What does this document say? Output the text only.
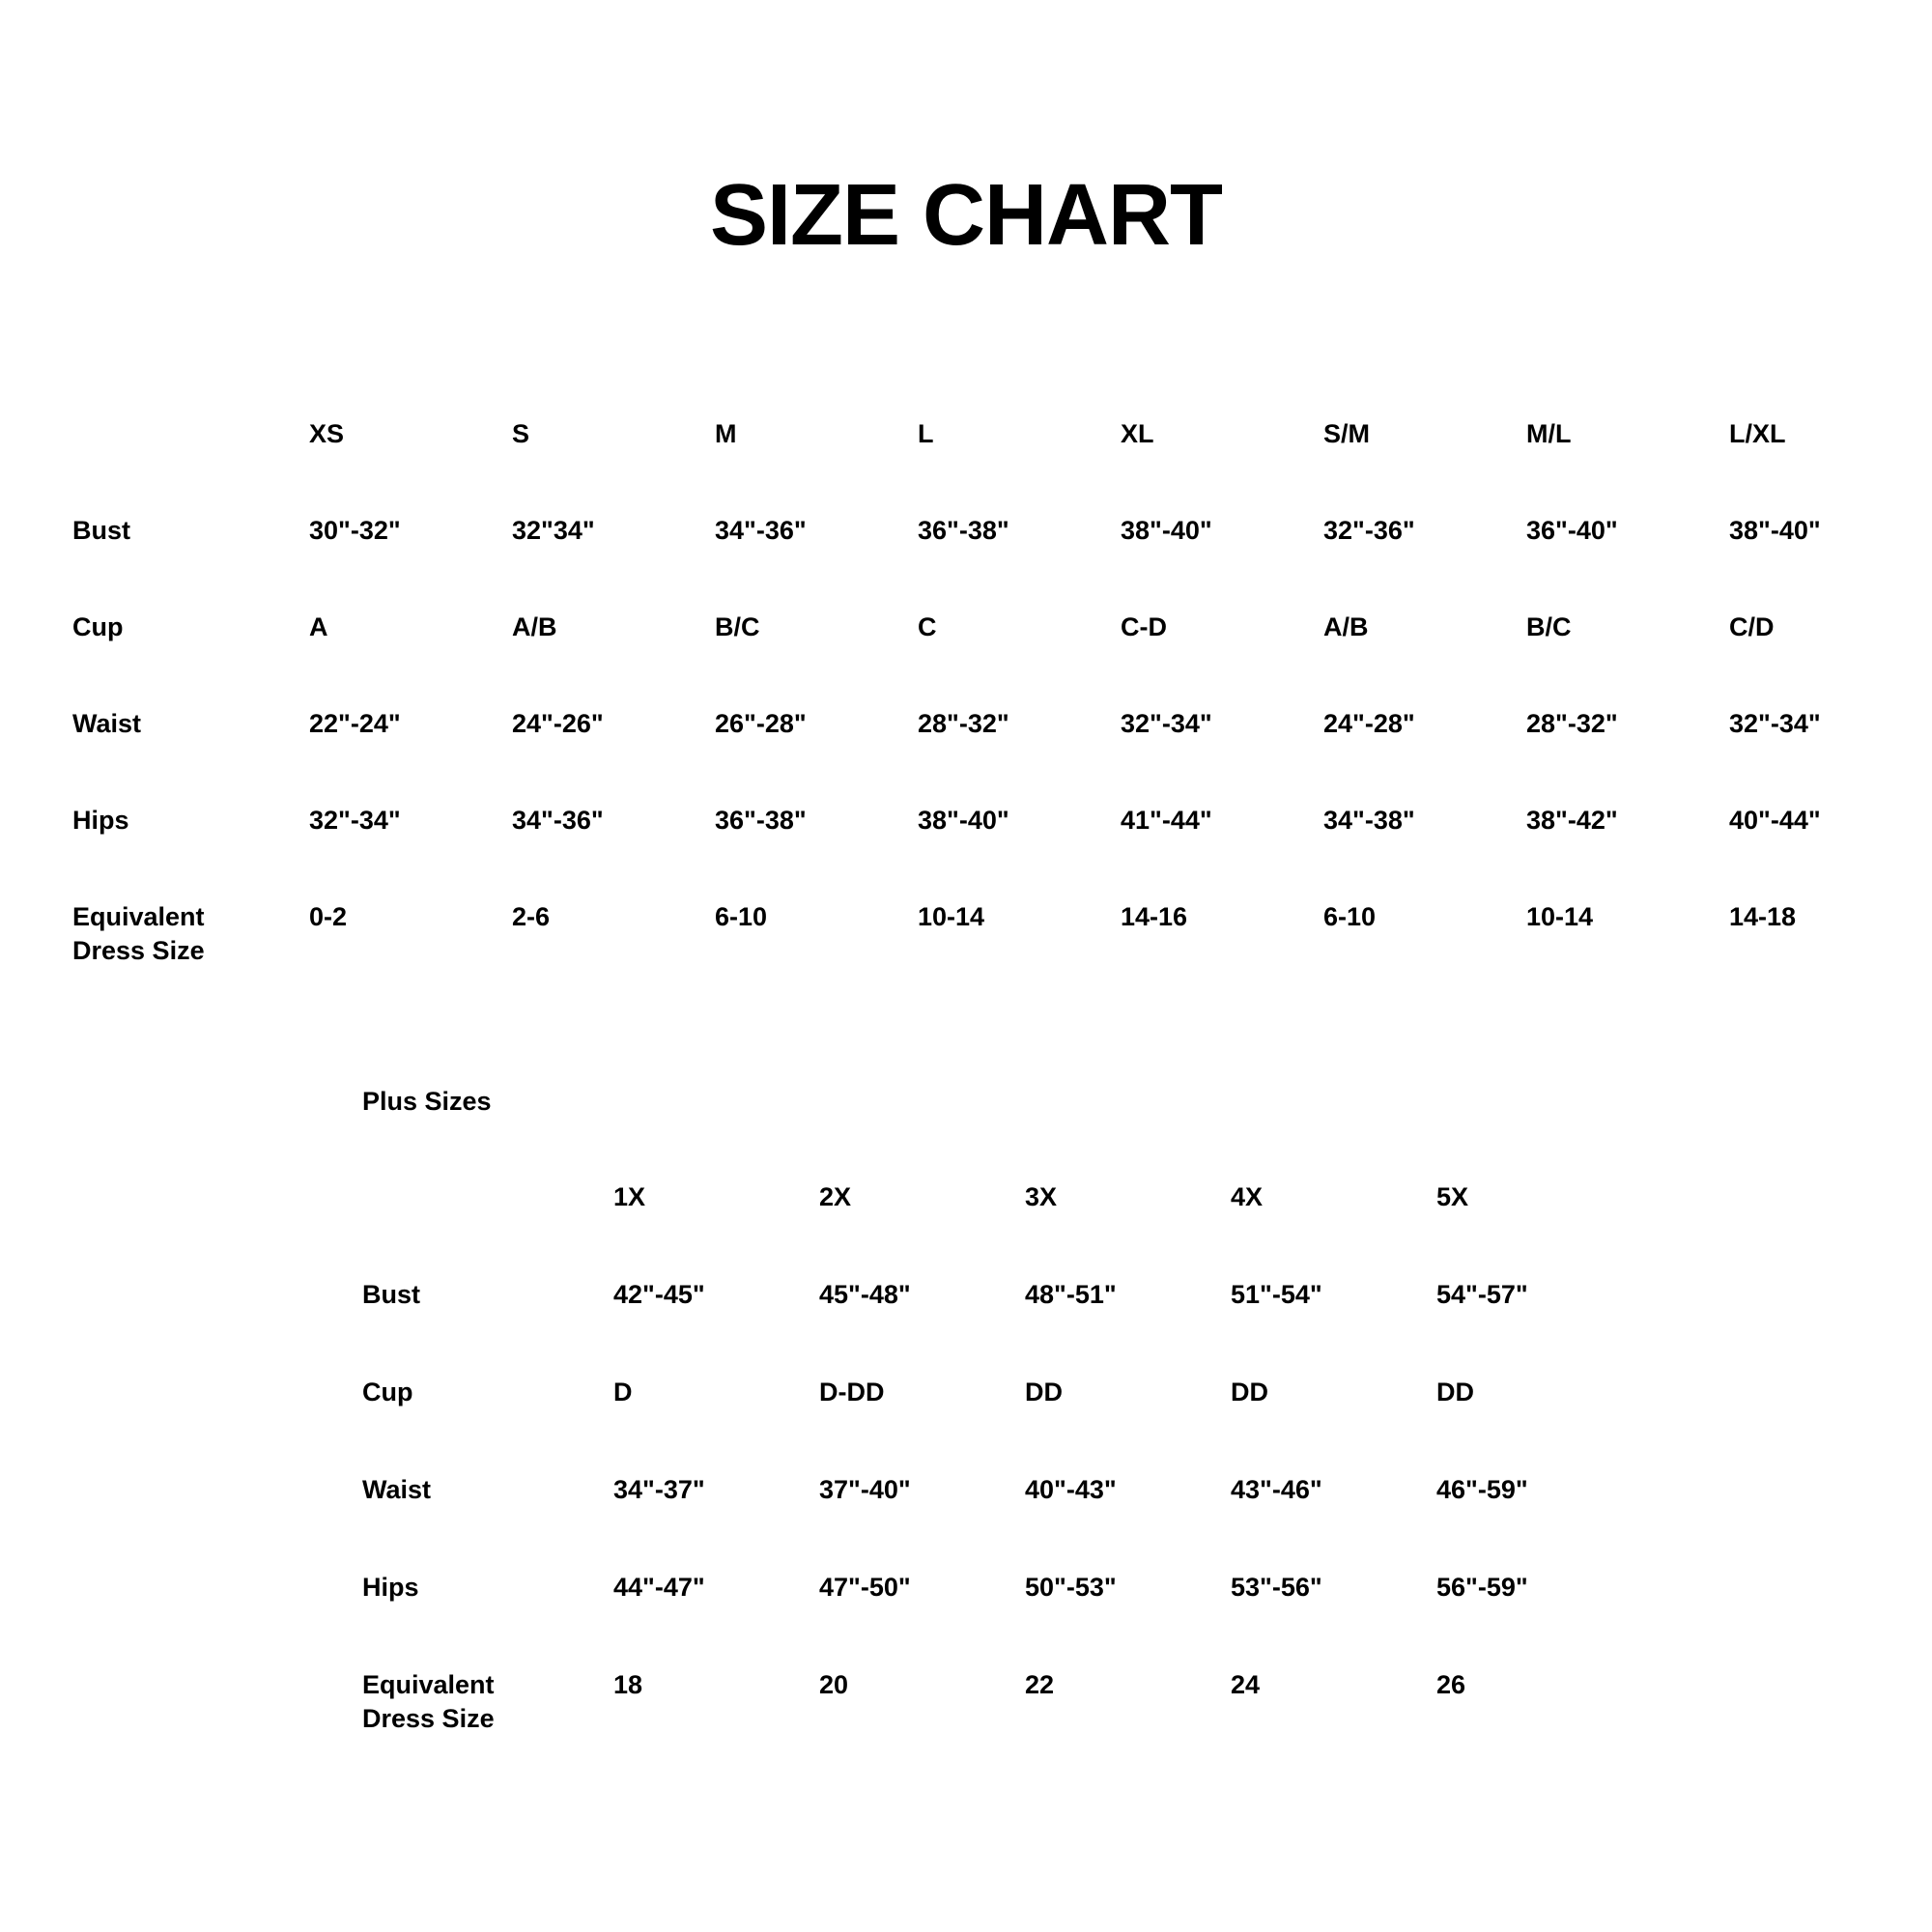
SIZE CHART
	XS	S	M	L	XL	S/M	M/L	L/XL
Bust	30"-32"	32"34"	34"-36"	36"-38"	38"-40"	32"-36"	36"-40"	38"-40"
Cup	A	A/B	B/C	C	C-D	A/B	B/C	C/D
Waist	22"-24"	24"-26"	26"-28"	28"-32"	32"-34"	24"-28"	28"-32"	32"-34"
Hips	32"-34"	34"-36"	36"-38"	38"-40"	41"-44"	34"-38"	38"-42"	40"-44"

Equivalent
Dress Size	0-2	2-6	6-10	10-14	14-16	6-10	10-14	14-18
Plus Sizes
	1X	2X	3X	4X	5X
Bust	42"-45"	45"-48"	48"-51"	51"-54"	54"-57"
Cup	D	D-DD	DD	DD	DD
Waist	34"-37"	37"-40"	40"-43"	43"-46"	46"-59"
Hips	44"-47"	47"-50"	50"-53"	53"-56"	56"-59"

Equivalent
Dress Size	18	20	22	24	26
